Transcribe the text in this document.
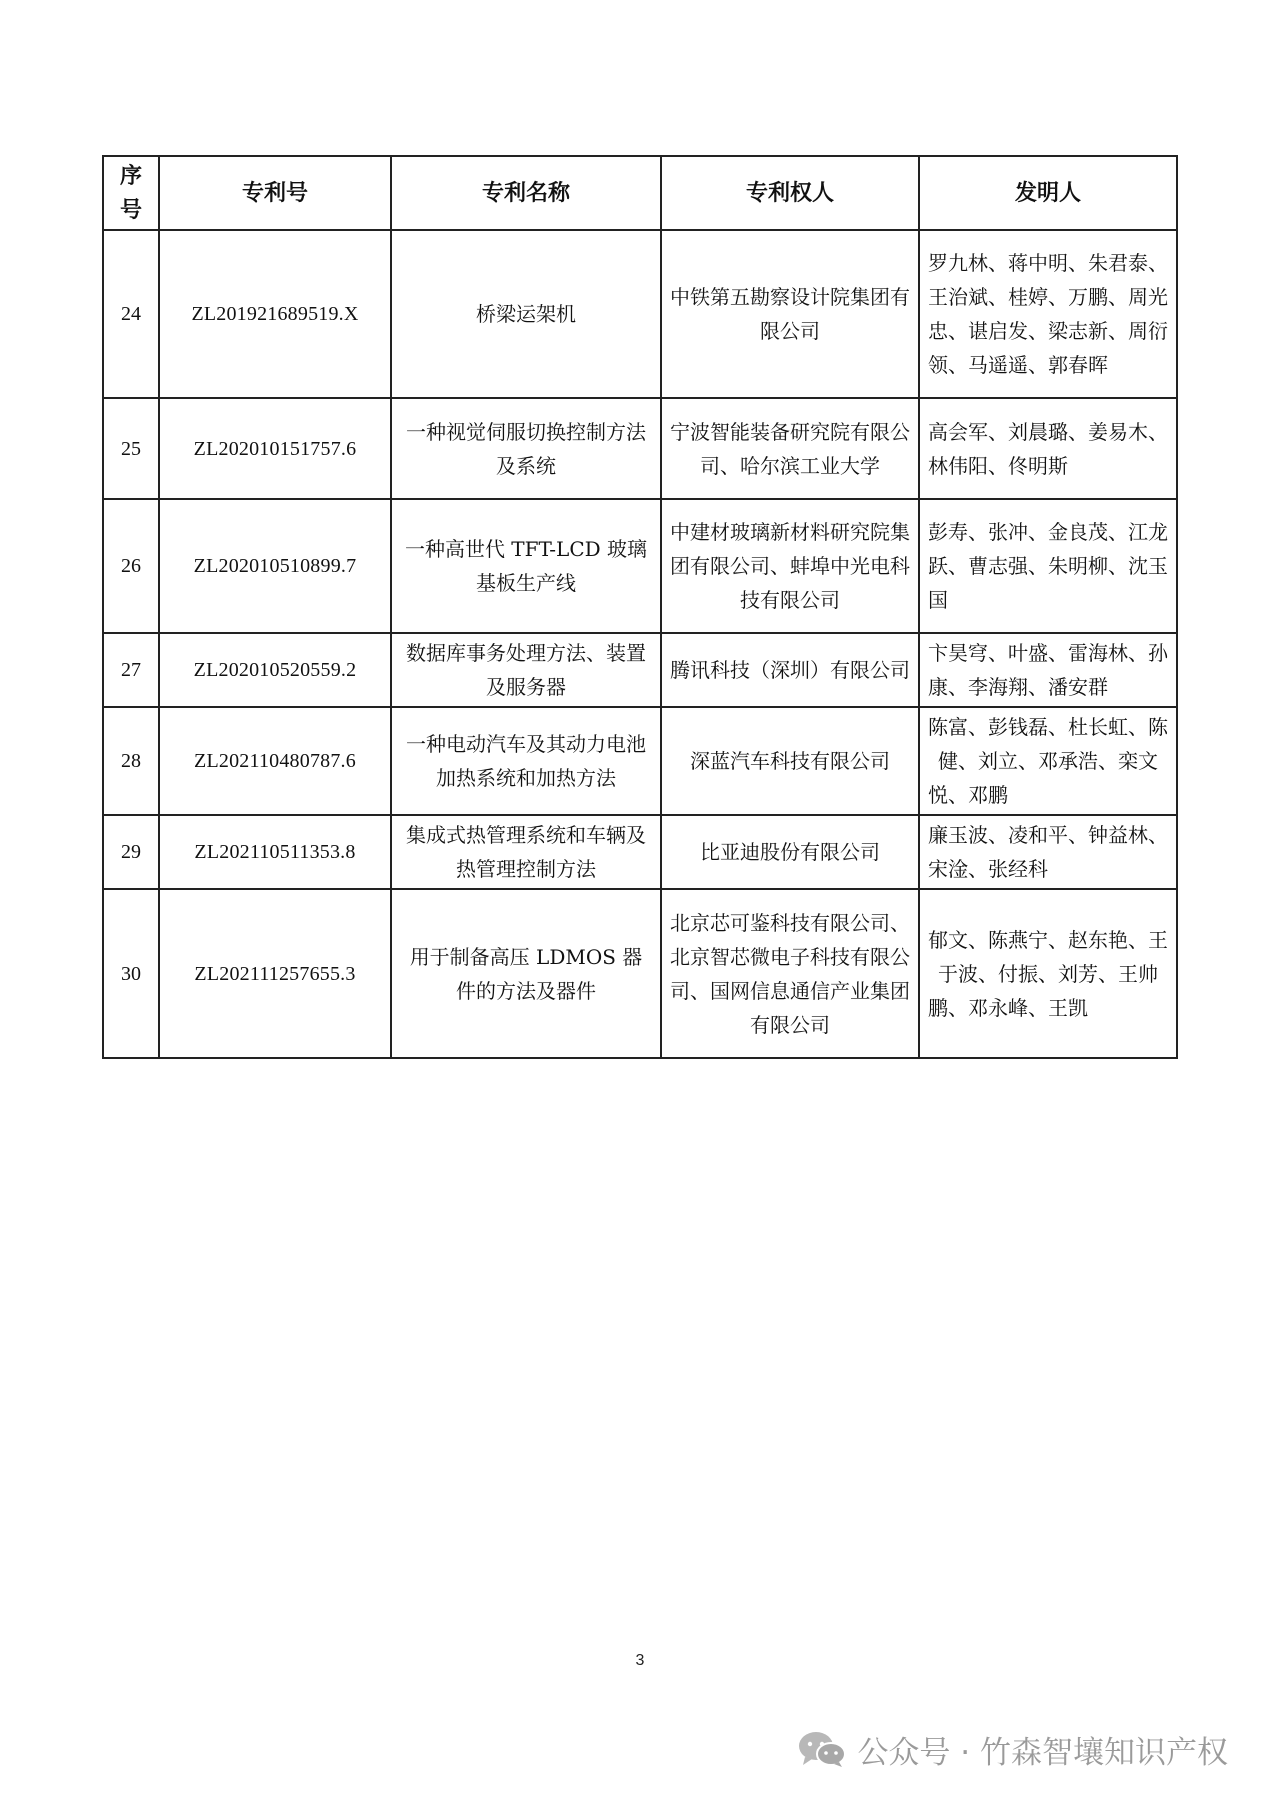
序号	专利号	专利名称	专利权人	发明人
24	ZL201921689519.X	桥梁运架机	中铁第五勘察设计院集团有限公司	罗九林、蒋中明、朱君泰、王治斌、桂婷、万鹏、周光忠、谌启发、梁志新、周衍领、马遥遥、郭春晖
25	ZL202010151757.6	一种视觉伺服切换控制方法及系统	宁波智能装备研究院有限公司、哈尔滨工业大学	高会军、刘晨璐、姜易木、林伟阳、佟明斯
26	ZL202010510899.7	一种高世代 TFT-LCD 玻璃基板生产线	中建材玻璃新材料研究院集团有限公司、蚌埠中光电科技有限公司	彭寿、张冲、金良茂、江龙跃、曹志强、朱明柳、沈玉国
27	ZL202010520559.2	数据库事务处理方法、装置及服务器	腾讯科技（深圳）有限公司	卞昊穹、叶盛、雷海林、孙康、李海翔、潘安群
28	ZL202110480787.6	一种电动汽车及其动力电池加热系统和加热方法	深蓝汽车科技有限公司	陈富、彭钱磊、杜长虹、陈健、刘立、邓承浩、栾文悦、邓鹏
29	ZL202110511353.8	集成式热管理系统和车辆及热管理控制方法	比亚迪股份有限公司	廉玉波、凌和平、钟益林、宋淦、张经科
30	ZL202111257655.3	用于制备高压 LDMOS 器件的方法及器件	北京芯可鉴科技有限公司、北京智芯微电子科技有限公司、国网信息通信产业集团有限公司	郁文、陈燕宁、赵东艳、王于波、付振、刘芳、王帅鹏、邓永峰、王凯
3
公众号 · 竹森智壤知识产权
